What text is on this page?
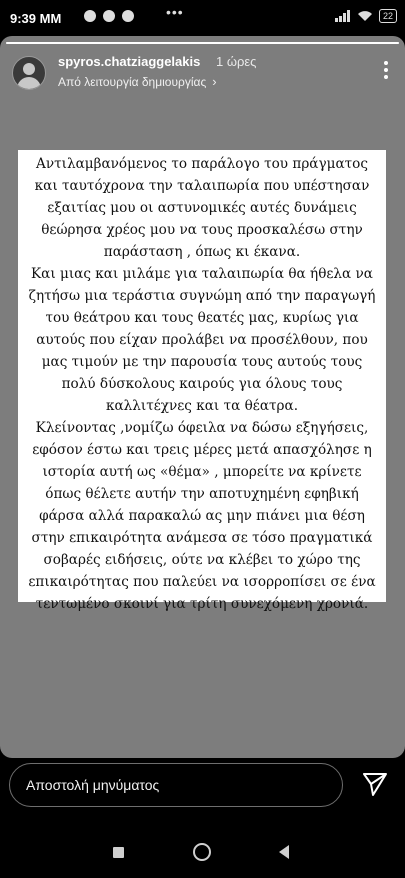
9:39 MM	•••	22
spyros.chatziaggelakis 1 ώρες
Από λειτουργία δημιουργίας ›

Αντιλαμβανόμενος το παράλογο του πράγματος και ταυτόχρονα την ταλαιπωρία που υπέστησαν εξαιτίας μου οι αστυνομικές αυτές δυνάμεις θεώρησα χρέος μου να τους προσκαλέσω στην παράσταση , όπως κι έκανα.

Και μιας και μιλάμε για ταλαιπωρία θα ήθελα να ζητήσω μια τεράστια συγνώμη από την παραγωγή του θεάτρου και τους θεατές μας, κυρίως για αυτούς που είχαν προλάβει να προσέλθουν, που μας τιμούν με την παρουσία τους αυτούς τους πολύ δύσκολους καιρούς για όλους τους καλλιτέχνες και τα θέατρα.

Κλείνοντας ,νομίζω όφειλα να δώσω εξηγήσεις, εφόσον έστω και τρεις μέρες μετά απασχόλησε η ιστορία αυτή ως «θέμα» , μπορείτε να κρίνετε όπως θέλετε αυτήν την αποτυχημένη εφηβική φάρσα αλλά παρακαλώ ας μην πιάνει μια θέση στην επικαιρότητα ανάμεσα σε τόσο πραγματικά σοβαρές ειδήσεις, ούτε να κλέβει το χώρο της επικαιρότητας που παλεύει να ισορροπίσει σε ένα τεντωμένο σκοινί για τρίτη συνεχόμενη χρονιά.

Αποστολή μηνύματος
